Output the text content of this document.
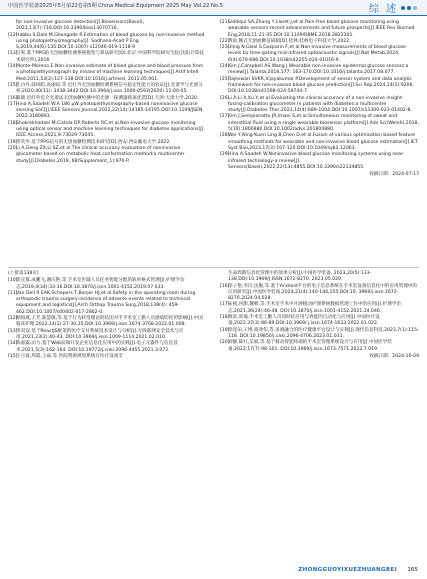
中国医学装备2025年5月第22卷第5期 China Medical Equipment 2025 May Vol.22 No.5	综 述
for non-invasive glucose detection[J].Biosensors(Basel), 2023,13(7):716.DOI:10.3390/bios13070716.
[12]
Habbu S,Dale M,Ghongade R.Estimation of blood glucose by non-invasive method using photoplethysmography[J]. Sadhana-Acad P Eng S,2019,44(6):135.DOI:10.1007/ s12046-019-1118-9
[13]
马爽.基于PPG的无创血糖检测系统模型与算法研究[D].北京:中国科学院研究生院(沈阳计算技术研究所),2016.
[14]
Monte-Moreno E.Non-invasive estimate of blood glucose and blood pressure from a photoplethysmograph by means of machine learning techniques[J].Artif Intell Med,2011,53(2):127-138.DOI:10.1016/j.artmed. 2011.05.001.
[15]
孔丹丹,韩珂皓,高丽琼,等.近红外无创血糖检测系统信号稳定性能力的验证[J].光谱学与光谱分析,2020,40(11): 3438-3442.DOI:10.3964/j.issn.1000-0593(2020) 11-00-05.
[16]
葛晓.近红外近介光谱法无创血糖检测中的光源一探测器距离优选[D].天津:天津大学,2020.
[17]
Hina A,Saadeh W.A 186 μW photoplethysmography-based noninvasive glucose sensing SoC[J].IEEE Sensors Journal,2022,22(14):14185-14195.DOI:10.1109/JSEN. 2022.3180893.
[18]
Shokrekhodaei M,Cistola DP,Roberts RC,et al.Non-invasive glucose monitoring using optical sensor and machine learning techniques for diabetes applications[J]. IEEE Access,2021,9:73029-73045.
[19]
李笑申.基于PPG信号的无创血糖检测技术研究[D].西安:西安邮电大学,2022.
[20]
Li A,Geng ZX,Li SZ,et al.The clinical accuracy evaluation of noninvasive glucometer based on metabolic heat conformation method:a multicenter study[J].Diabetes,2019, 68(Supplement_1):970-P.
[21]
Siddiqui SA,Zhang Y,Lloret J,et al.Pain-free blood glucose monitoring using wearable sensors:recent advancements and future prospects[J].IEEE Rev Biomed Eng,2018,11:21-35.DOI:10.1109/RBME.2018.2822301.
[22]
黄雨.腕式无创血糖仪研制[D].桂林:桂林电子科技大学,2022.
[23]
Ulnig N,Glasl S,Gasparin F,et al.Non-invasive measurements of blood glucose levels by time-gating mid-infrared optoacoustic signals[J].Nat Metab,2024, 6(4):678-686.DOI:10.1038/s42255-024-01016-9.
[24]
Kim J,Campbell AS,Wang J.Wearable non-invasive epidermal glucose sensors:a review[J].Talanta,2018,177: 163-170.DOI:10.1016/j.talanta.2017.08.077.
[25]
Rajeswari SVKR,Vijayakumar P.Development of sensor system and data analytic framework for non-invasive blood glucose prediction[J].Sci Rep,2024,14(1):9206. DOI:10.1038/s41598-024-59744-7.
[26]
Li A,Li X,Xu Y,et al.Evaluating the clinical accuracy of a non-invasive insight-fusing-calibration glucometer in patients with diabetes:a multicentre study[J].Diabetes Ther,2023,14(4):689-1004.DOI:10.1007/s13300-023-01402-8.
[27]
Kim J,Sempionatto JR,Imani S,et al.Simultaneous monitoring of sweat and interstitial fluid using a single wearable biosensor platform[J].Adv Sci(Weinh),2018, 5(10):1800880.DOI:10.1002/advs.201800880.
[28]
Wei Y,Ning-Kuen Ling B,Chen D,et al.Fusion of various optimisation based feature smoothing methods for wearable and non-invasive blood glucose estimation[J].IET Syst Biol,2023,17(3):107-120.DOI:10.1049/syb2.12063.
[29]
Hina A,Saadeh W.Noninvasive blood glucose monitoring systems using near-infrared technology-a review[J]. Sensors(Basel),2022,22(13):4855.DOI:10.3390/s22134855.
收稿日期：2024-07-17
(上接第138页)
[10]
贺宣群,成鹏飞,谢庆艳,等.手术室医辅人员任务智能分配的轨单格式管理[J].护理学杂志,2019,4(34):33-36.DOI:10.3870/j.issn.1001-4152.2019.07.033.
[11]
Van Dell R EAK,Schepers T,Bonjer HJ,et al.Safety in the operating room during orthopedic trauma surgery-incidence of adverse events related to technical equipment and logistics[J].Arch Orthop Trauma Surg,2018,138(4): 459-462.DOI:10.1007/s00402-017-2862-0.
[12]
顾海燕,王芳,陈慧敏,等.基于行为转变理论的结团对手手术室工勤人员感染防控的影响[J].中国临床护理,2022,14(1):27-30,35.DOI:10.3969/j.issn.1674-3768.2022.01.008.
[13]
李双双.基于ReactJS框架的医疗支付系统技术设计与分析[J].无线联网安全技术与应用,2021,23(2):40-43. DOI:10.3969/j.issn.1009-1114.2021.02.010.
[14]
陈嘉霖,田力.基于Web前端开发企业信息化应用中的实践[J].电子元器件与信息技术,2021,5(3):162-164. DOI:10.19772/j.cnki.2096-4455.2021.3.072.
[15]
王月波,周霞,王焱,等.医院资源规划系统在医疗设备全
生命周期信息化管理中的效果分析[J].中国医学装备, 2023,20(5):133-138.DOI:10.3969/J.ISSN.1672-8270. 2023.05.029.
[16]
徐子艳,李玲,沈舰,等.基于Android平台的电子信息系统在手术室设备信息化中的应用管理中的应用研究[J].中国医学装备,2024,21(4):140-144,155.DOI:10. 3969/j.issn.1672-8270.2024.04.028.
[17]
宋祯,何甜,魏朝,等.手术室手术中开展移动护理系统数据管理工作中的应用[J].护理学杂志,2021,36(24):46-48. DOI:10.3870/j.issn.1001-4152.2021.24.046.
[18]
黄滨,周瑜.手术室工勤人员同时结应用与效能的自动化与应用[J].中国医疗设备,2022,37(3):86-89.DOI:10.3969/ j.issn.1674-1633.2022.01.022.
[19]
徐宽田,王博,商效伟,等.多端融合的医疗健康平台设计与实现[J].现代信息科技,2023,7(1):115-118. DOI:10.19850/j.cnki.2096-4706.2023.01.031.
[20]
刘静,陈红,吴斌,等.基于移动智能终端的手术室管理系统设计与应用[J].中国医学装备,2022,17(7):98-101. DOI:10.3969/j.issn.1673-7571.2022.7.019.
收稿日期：2024-10-09
ZHONGGUOYIXUEZHUANGBEI 165
